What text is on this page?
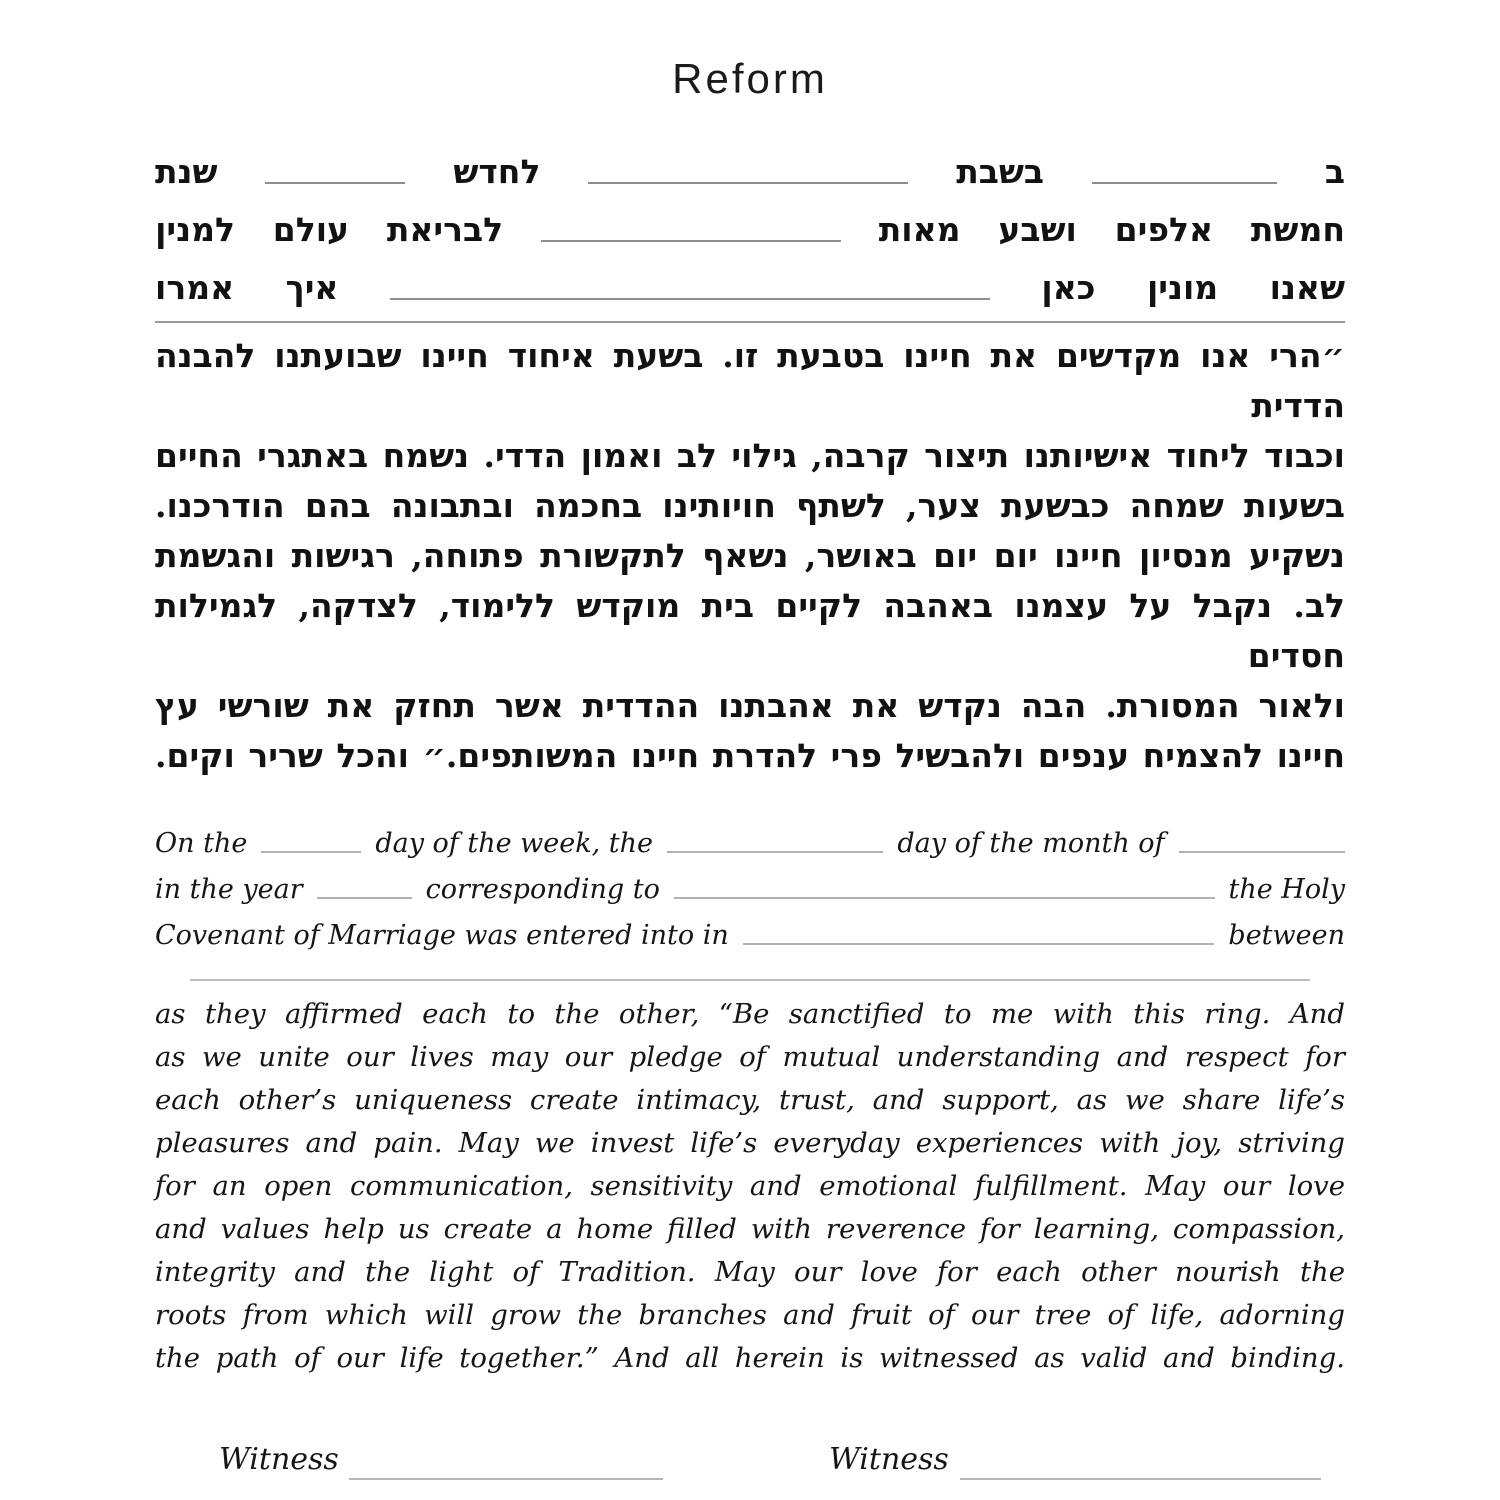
Reform
ב
בשבת
לחדש
שנת
חמשת
אלפים
ושבע
מאות
לבריאת
עולם
למנין
שאנו
מונין
כאן
איך
אמרו
״הרי אנו מקדשים את חיינו בטבעת זו. בשעת איחוד חיינו שבועתנו להבנה הדדית
וכבוד ליחוד אישיותנו תיצור קרבה, גילוי לב ואמון הדדי. נשמח באתגרי החיים
בשעות שמחה כבשעת צער, לשתף חויותינו בחכמה ובתבונה בהם הודרכנו.
נשקיע מנסיון חיינו יום יום באושר, נשאף לתקשורת פתוחה, רגישות והגשמת
לב. נקבל על עצמנו באהבה לקיים בית מוקדש ללימוד, לצדקה, לגמילות חסדים
ולאור המסורת. הבה נקדש את אהבתנו ההדדית אשר תחזק את שורשי עץ
חיינו להצמיח ענפים ולהבשיל פרי להדרת חיינו המשותפים.״ והכל שריר וקים.
On the	day of the week, the	day of the month of
in the year	corresponding to	the Holy
Covenant of Marriage was entered into in	between
as they affirmed each to the other, “Be sanctified to me with this ring. And
as we unite our lives may our pledge of mutual understanding and respect for
each other’s uniqueness create intimacy, trust, and support, as we share life’s
pleasures and pain. May we invest life’s everyday experiences with joy, striving
for an open communication, sensitivity and emotional fulfillment. May our love
and values help us create a home filled with reverence for learning, compassion,
integrity and the light of Tradition. May our love for each other nourish the
roots from which will grow the branches and fruit of our tree of life, adorning
the path of our life together.” And all herein is witnessed as valid and binding.
Witness	Witness
